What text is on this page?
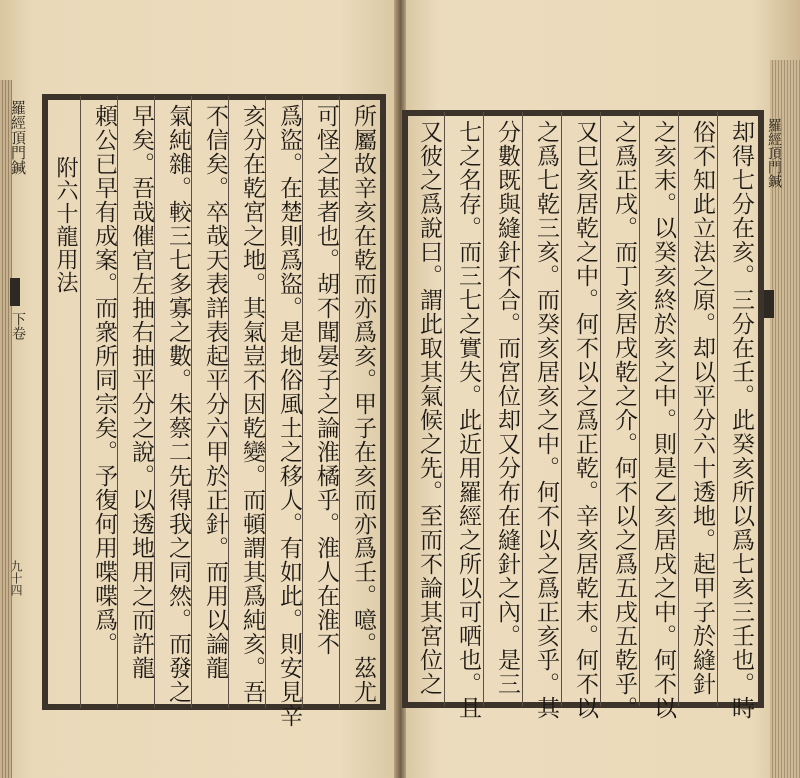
羅經頂門鍼
下卷
九十四
羅經頂門鍼
却得七分在亥。三分在壬。此癸亥所以爲七亥三壬也。時
俗不知此立法之原。却以平分六十透地。起甲子於縫針
之亥末。以癸亥終於亥之中。則是乙亥居戌之中。何不以
之爲正戌。而丁亥居戌乾之介。何不以之爲五戌五乾乎。
又巳亥居乾之中。何不以之爲正乾。辛亥居乾末。何不以
之爲七乾三亥。而癸亥居亥之中。何不以之爲正亥乎。其
分數既與縫針不合。而宮位却又分布在縫針之內。是三
七之名存。而三七之實失。此近用羅經之所以可哂也。且
又彼之爲說曰。謂此取其氣候之先。至而不論其宮位之
所屬故辛亥在乾而亦爲亥。甲子在亥而亦爲壬。噫。茲尤
可怪之甚者也。胡不聞晏子之論淮橘乎。淮人在淮不
爲盜。在楚則爲盜。是地俗風土之移人。有如此。則安見辛
亥分在乾宮之地。其氣豈不因乾變。而頓謂其爲純亥。吾
不信矣。卒哉天表詳表起平分六甲於正針。而用以論龍
氣純雜。較三七多寡之數。朱蔡二先得我之同然。而發之
早矣。吾哉催官左抽右抽平分之說。以透地用之而許龍
頼公已早有成案。而衆所同宗矣。予復何用喋喋爲。
附六十龍用法
